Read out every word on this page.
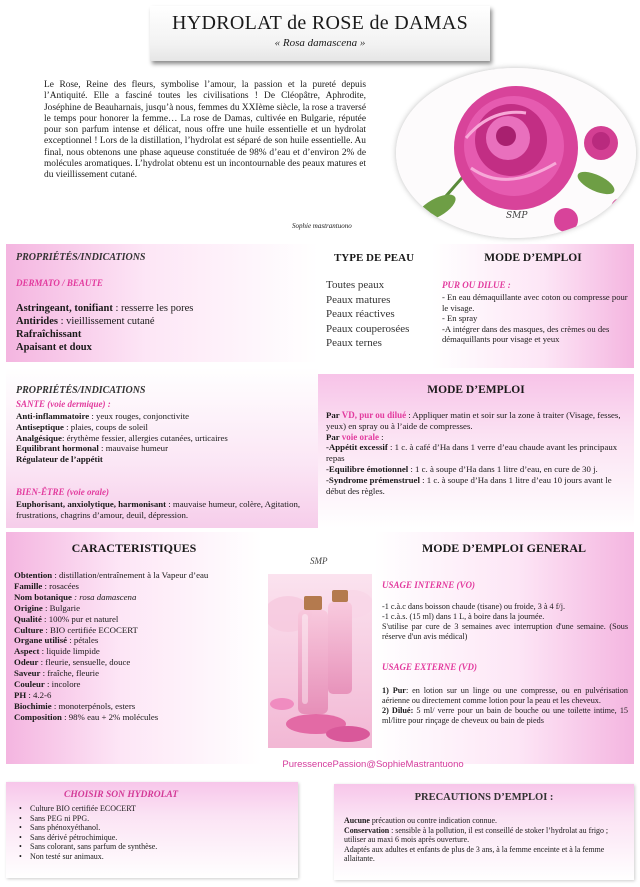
HYDROLAT de ROSE de DAMAS
« Rosa damascena »
Le Rose, Reine des fleurs, symbolise l’amour, la passion et la pureté depuis l’Antiquité. Elle a fasciné toutes les civilisations ! De Cléopâtre, Aphrodite, Joséphine de Beauharnais, jusqu’à nous, femmes du XXIème siècle, la rose a traversé le temps pour honorer la femme… La rose de Damas, cultivée en Bulgarie, réputée pour son parfum intense et délicat, nous offre une huile essentielle et un hydrolat exceptionnel ! Lors de la distillation, l’hydrolat est séparé de son huile essentielle. Au final, nous obtenons une phase aqueuse constituée de 98% d’eau et d’environ 2% de molécules aromatiques. L’hydrolat obtenu est un incontournable des peaux matures et du vieillissement cutané.
Sophie mastrantuono
SMP
PROPRIÉTÉS/INDICATIONS
DERMATO / BEAUTE
Astringeant, tonifiant : resserre les pores
Antirides : vieillissement cutané
Rafraîchissant
Apaisant et doux
TYPE DE PEAU
Toutes peaux
Peaux matures
Peaux réactives
Peaux couperosées
Peaux ternes
MODE D’EMPLOI
PUR OU DILUE :
- En eau démaquillante avec coton ou compresse pour le visage.
- En spray
-A intégrer dans des masques, des crèmes ou des démaquillants pour visage et yeux
PROPRIÉTÉS/INDICATIONS
SANTE (voie dermique) :
Anti-inflammatoire : yeux rouges, conjonctivite
Antiseptique : plaies, coups de soleil
Analgésique: érythème fessier, allergies cutanées, urticaires
Equilibrant hormonal : mauvaise humeur
Régulateur de l’appétit
BIEN-ÊTRE (voie orale)
Euphorisant, anxiolytique, harmonisant : mauvaise humeur, colère, Agitation, frustrations, chagrins d’amour, deuil, dépression.
MODE D’EMPLOI
Par VD, pur ou dilué : Appliquer matin et soir sur la zone à traiter (Visage, fesses, yeux) en spray ou à l’aide de compresses.
Par voie orale :
-Appétit excessif : 1 c. à café d’Ha dans 1 verre d’eau chaude avant les principaux repas
-Equilibre émotionnel : 1 c. à soupe d’Ha dans 1 litre d’eau, en cure de 30 j.
-Syndrome prémenstruel : 1 c. à soupe d’Ha dans 1 litre d’eau 10 jours avant le début des règles.
CARACTERISTIQUES
Obtention : distillation/entraînement à la Vapeur d’eau
Famille : rosacées
Nom botanique : rosa damascena
Origine : Bulgarie
Qualité : 100% pur et naturel
Culture : BIO certifiée ECOCERT
Organe utilisé : pétales
Aspect : liquide limpide
Odeur : fleurie, sensuelle, douce
Saveur : fraîche, fleurie
Couleur : incolore
PH : 4.2-6
Biochimie : monoterpénols, esters
Composition : 98% eau + 2% molécules
SMP
MODE D’EMPLOI GENERAL
USAGE INTERNE (VO)
-1 c.à.c dans boisson chaude (tisane) ou froide, 3 à 4 f/j.
-1 c.à.s. (15 ml) dans 1 L, à boire dans la journée.
S'utilise par cure de 3 semaines avec interruption d'une semaine. (Sous réserve d'un avis médical)
USAGE EXTERNE (VD)
1) Pur: en lotion sur un linge ou une compresse, ou en pulvérisation aérienne ou directement comme lotion pour la peau et les cheveux.
2) Dilué: 5 ml/ verre pour un bain de bouche ou une toilette intime, 15 ml/litre pour rinçage de cheveux ou bain de pieds
PuressencePassion@SophieMastrantuono
CHOISIR SON HYDROLAT
• Culture BIO certifiée ECOCERT
• Sans PEG ni PPG.
• Sans phénoxyéthanol.
• Sans dérivé pétrochimique.
• Sans colorant, sans parfum de synthèse.
• Non testé sur animaux.
PRECAUTIONS D’EMPLOI :
Aucune précaution ou contre indication connue.
Conservation : sensible à la pollution, il est conseillé de stoker l’hydrolat au frigo ; utiliser au maxi 6 mois après ouverture.
Adaptés aux adultes et enfants de plus de 3 ans, à la femme enceinte et à la femme allaitante.
